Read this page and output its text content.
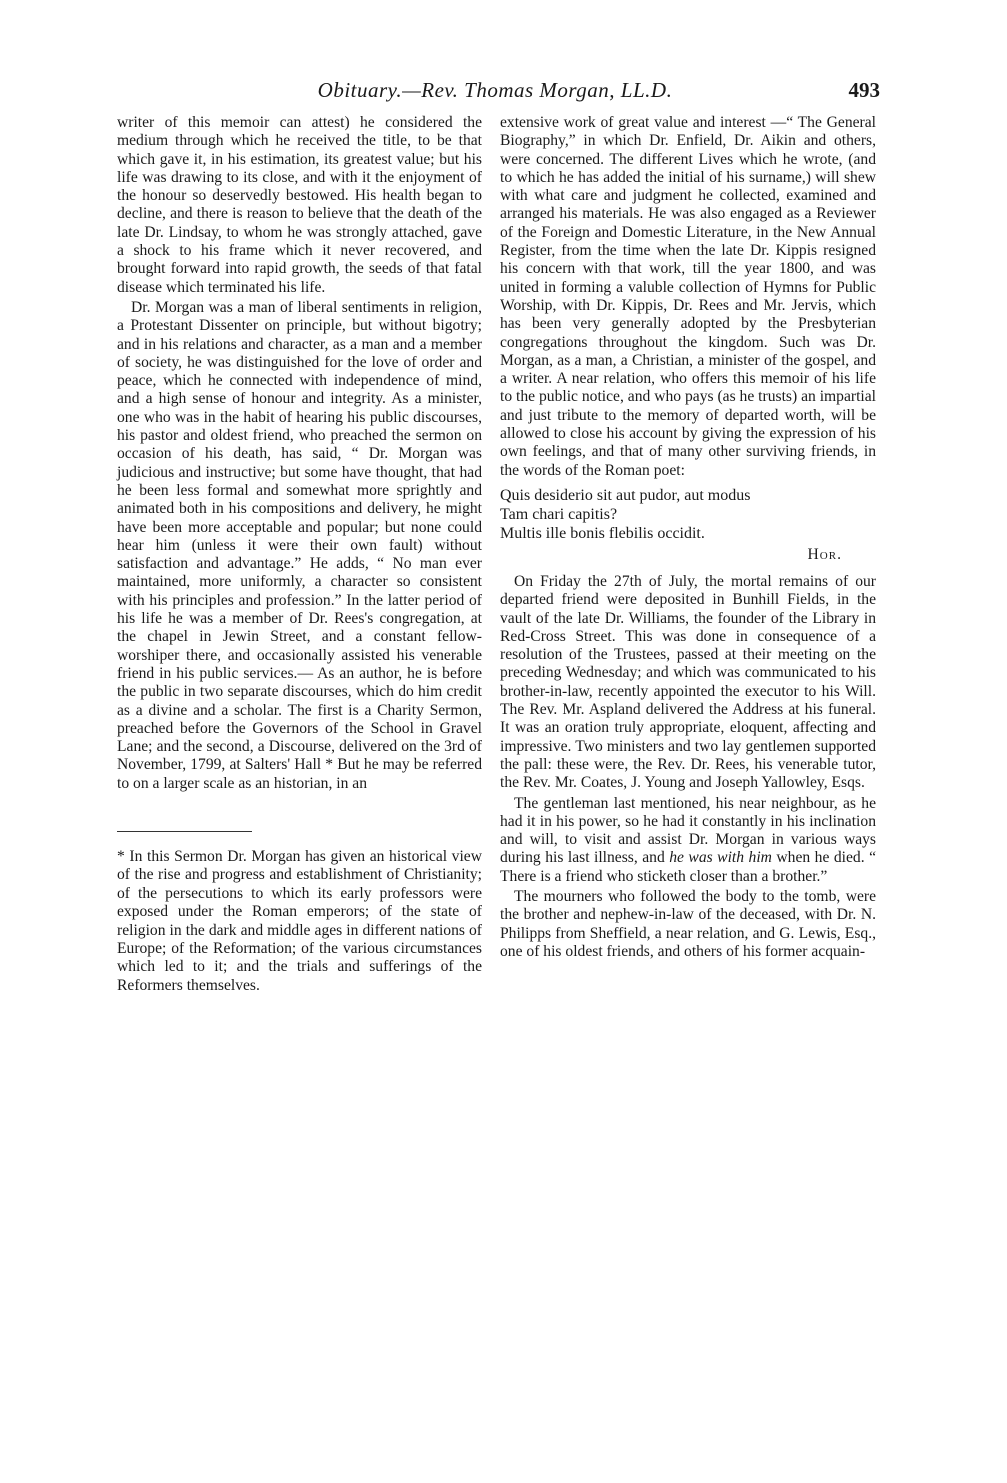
Obituary.—Rev. Thomas Morgan, LL.D.	493

writer of this memoir can attest) he considered the medium through which he received the title, to be that which gave it, in his estimation, its greatest value; but his life was drawing to its close, and with it the enjoyment of the honour so deservedly bestowed. His health began to decline, and there is reason to believe that the death of the late Dr. Lindsay, to whom he was strongly attached, gave a shock to his frame which it never recovered, and brought forward into rapid growth, the seeds of that fatal disease which terminated his life.

Dr. Morgan was a man of liberal sentiments in religion, a Protestant Dissenter on principle, but without bigotry; and in his relations and character, as a man and a member of society, he was distinguished for the love of order and peace, which he connected with independence of mind, and a high sense of honour and integrity. As a minister, one who was in the habit of hearing his public discourses, his pastor and oldest friend, who preached the sermon on occasion of his death, has said, “ Dr. Morgan was judicious and instructive; but some have thought, that had he been less formal and somewhat more sprightly and animated both in his compositions and delivery, he might have been more acceptable and popular; but none could hear him (unless it were their own fault) without satisfaction and advantage.” He adds, “ No man ever maintained, more uniformly, a character so consistent with his principles and profession.” In the latter period of his life he was a member of Dr. Rees's congregation, at the chapel in Jewin Street, and a constant fellow-worshiper there, and occasionally assisted his venerable friend in his public services.— As an author, he is before the public in two separate discourses, which do him credit as a divine and a scholar. The first is a Charity Sermon, preached before the Governors of the School in Gravel Lane; and the second, a Discourse, delivered on the 3rd of November, 1799, at Salters' Hall * But he may be referred to on a larger scale as an historian, in an

* In this Sermon Dr. Morgan has given an historical view of the rise and progress and establishment of Christianity; of the persecutions to which its early professors were exposed under the Roman emperors; of the state of religion in the dark and middle ages in different nations of Europe; of the Reformation; of the various circumstances which led to it; and the trials and sufferings of the Reformers themselves.

extensive work of great value and interest —“ The General Biography,” in which Dr. Enfield, Dr. Aikin and others, were concerned. The different Lives which he wrote, (and to which he has added the initial of his surname,) will shew with what care and judgment he collected, examined and arranged his materials. He was also engaged as a Reviewer of the Foreign and Domestic Literature, in the New Annual Register, from the time when the late Dr. Kippis resigned his concern with that work, till the year 1800, and was united in forming a valuble collection of Hymns for Public Worship, with Dr. Kippis, Dr. Rees and Mr. Jervis, which has been very generally adopted by the Presbyterian congregations throughout the kingdom. Such was Dr. Morgan, as a man, a Christian, a minister of the gospel, and a writer. A near relation, who offers this memoir of his life to the public notice, and who pays (as he trusts) an impartial and just tribute to the memory of departed worth, will be allowed to close his account by giving the expression of his own feelings, and that of many other surviving friends, in the words of the Roman poet:

Quis desiderio sit aut pudor, aut modus
Tam chari capitis?
Multis ille bonis flebilis occidit.
Hor.

On Friday the 27th of July, the mortal remains of our departed friend were deposited in Bunhill Fields, in the vault of the late Dr. Williams, the founder of the Library in Red-Cross Street. This was done in consequence of a resolution of the Trustees, passed at their meeting on the preceding Wednesday; and which was communicated to his brother-in-law, recently appointed the executor to his Will. The Rev. Mr. Aspland delivered the Address at his funeral. It was an oration truly appropriate, eloquent, affecting and impressive. Two ministers and two lay gentlemen supported the pall: these were, the Rev. Dr. Rees, his venerable tutor, the Rev. Mr. Coates, J. Young and Joseph Yallowley, Esqs.

The gentleman last mentioned, his near neighbour, as he had it in his power, so he had it constantly in his inclination and will, to visit and assist Dr. Morgan in various ways during his last illness, and he was with him when he died. “ There is a friend who sticketh closer than a brother.”

The mourners who followed the body to the tomb, were the brother and nephew-in-law of the deceased, with Dr. N. Philipps from Sheffield, a near relation, and G. Lewis, Esq., one of his oldest friends, and others of his former acquain-
